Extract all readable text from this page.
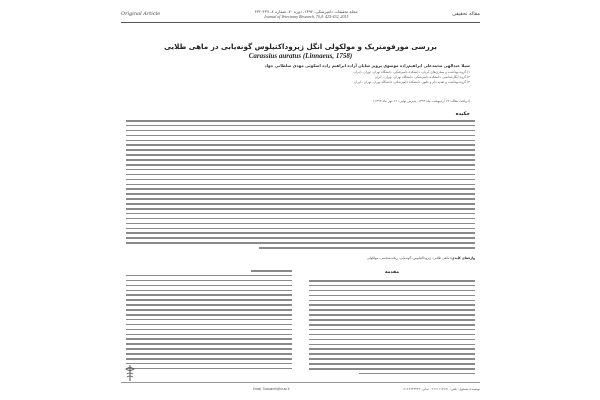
Original Article	مجله تحقیقات دامپزشکی، ۱۳۹۴، دوره ۷۰، شماره ۴، ۴۳۷-۴۳۲
Journal of Veterinary Research, 70,4: 425-432, 2015	مقاله تحقیقی
بررسی مورفومتریک و مولکولی انگل ژیروداکتیلوس گونه‌یابی در ماهی طلایی
Carassius auratus (Linnaeus, 1758)
شیلا عبدالهی محمدعلی ابراهیم‌زاده موسوی پرویز شایان آزاده ابراهیم زاده اسکوئی مهدی سلطانی جواد
۱) گروه بهداشت و بیماری‌های آبزیان، دانشکده دامپزشکی، دانشگاه تهران، تهران ـ ایران
۲) گروه انگل‌شناسی، دانشکده دامپزشکی، دانشگاه تهران، تهران ـ ایران
۳) گروه بهداشت و تغذیه دام و طیور، دانشکده دامپزشکی، دانشگاه تهران، تهران ـ ایران
(دریافت مقاله: ۱۳ اردیبهشت ماه ۱۳۹۴، پذیرش نهایی: ۲۱ مهر ماه ۱۳۹۴)
چکیده
واژه‌های کلیدی: ماهی طلایی، ژیروداکتیلوس، گونه‌یابی، ریخت‌شناسی، مولکولی
مقدمه
Email: Sossaneh@ut.ac.ir	نویسنده مسئول: تلفن: ۰۲۱۶۱۱۱۷۱۴۱ نمابر: ۰۲۱۶۶۹۳۳۲۲۲
